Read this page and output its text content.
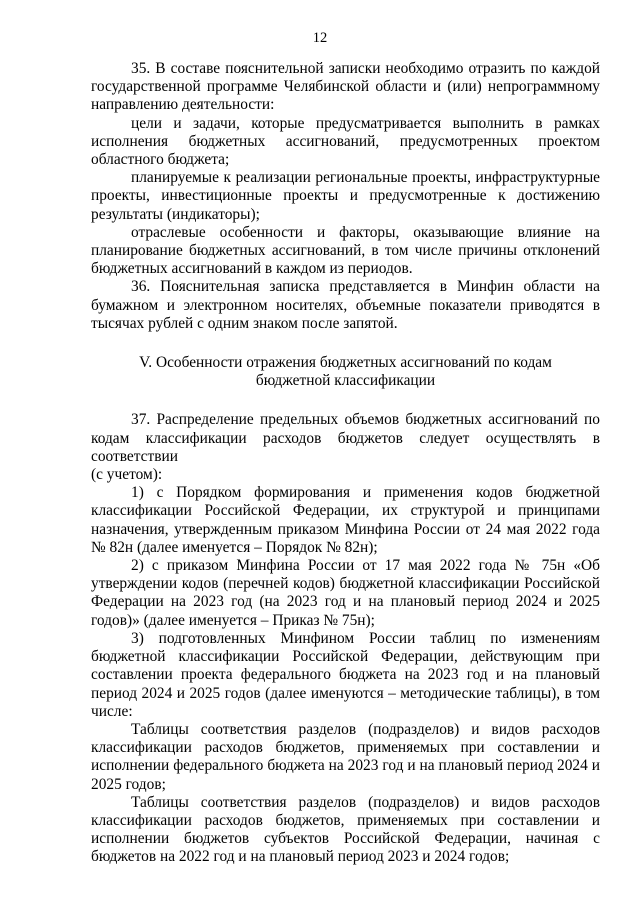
12

35. В составе пояснительной записки необходимо отразить по каждой государственной программе Челябинской области и (или) непрограммному направлению деятельности:

цели и задачи, которые предусматривается выполнить в рамках исполнения бюджетных ассигнований, предусмотренных проектом областного бюджета;

планируемые к реализации региональные проекты, инфраструктурные проекты, инвестиционные проекты и предусмотренные к достижению результаты (индикаторы);

отраслевые особенности и факторы, оказывающие влияние на планирование бюджетных ассигнований, в том числе причины отклонений бюджетных ассигнований в каждом из периодов.

36. Пояснительная записка представляется в Минфин области на бумажном и электронном носителях, объемные показатели приводятся в тысячах рублей с одним знаком после запятой.

V. Особенности отражения бюджетных ассигнований по кодам бюджетной классификации

37. Распределение предельных объемов бюджетных ассигнований по кодам классификации расходов бюджетов следует осуществлять в соответствии

(с учетом):

1) с Порядком формирования и применения кодов бюджетной классификации Российской Федерации, их структурой и принципами назначения, утвержденным приказом Минфина России от 24 мая 2022 года № 82н (далее именуется – Порядок № 82н);

2) с приказом Минфина России от 17 мая 2022 года № 75н «Об утверждении кодов (перечней кодов) бюджетной классификации Российской Федерации на 2023 год (на 2023 год и на плановый период 2024 и 2025 годов)» (далее именуется – Приказ № 75н);

3) подготовленных Минфином России таблиц по изменениям бюджетной классификации Российской Федерации, действующим при составлении проекта федерального бюджета на 2023 год и на плановый период 2024 и 2025 годов (далее именуются – методические таблицы), в том числе:

Таблицы соответствия разделов (подразделов) и видов расходов классификации расходов бюджетов, применяемых при составлении и исполнении федерального бюджета на 2023 год и на плановый период 2024 и 2025 годов;

Таблицы соответствия разделов (подразделов) и видов расходов классификации расходов бюджетов, применяемых при составлении и исполнении бюджетов субъектов Российской Федерации, начиная с бюджетов на 2022 год и на плановый период 2023 и 2024 годов;
